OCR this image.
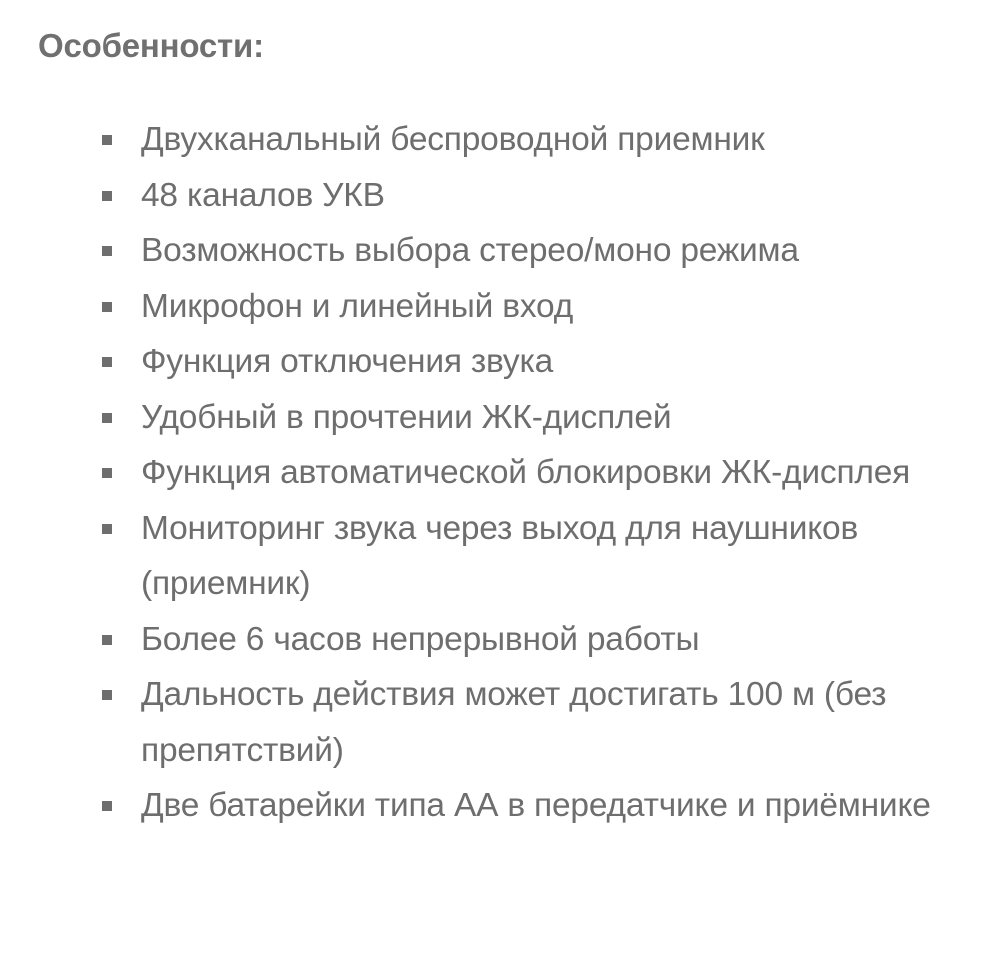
Особенности:
Двухканальный беспроводной приемник
48 каналов УКВ
Возможность выбора стерео/моно режима
Микрофон и линейный вход
Функция отключения звука
Удобный в прочтении ЖК-дисплей
Функция автоматической блокировки ЖК-дисплея
Мониторинг звука через выход для наушников (приемник)
Более 6 часов непрерывной работы
Дальность действия может достигать 100 м (без препятствий)
Две батарейки типа АА в передатчике и приёмнике
